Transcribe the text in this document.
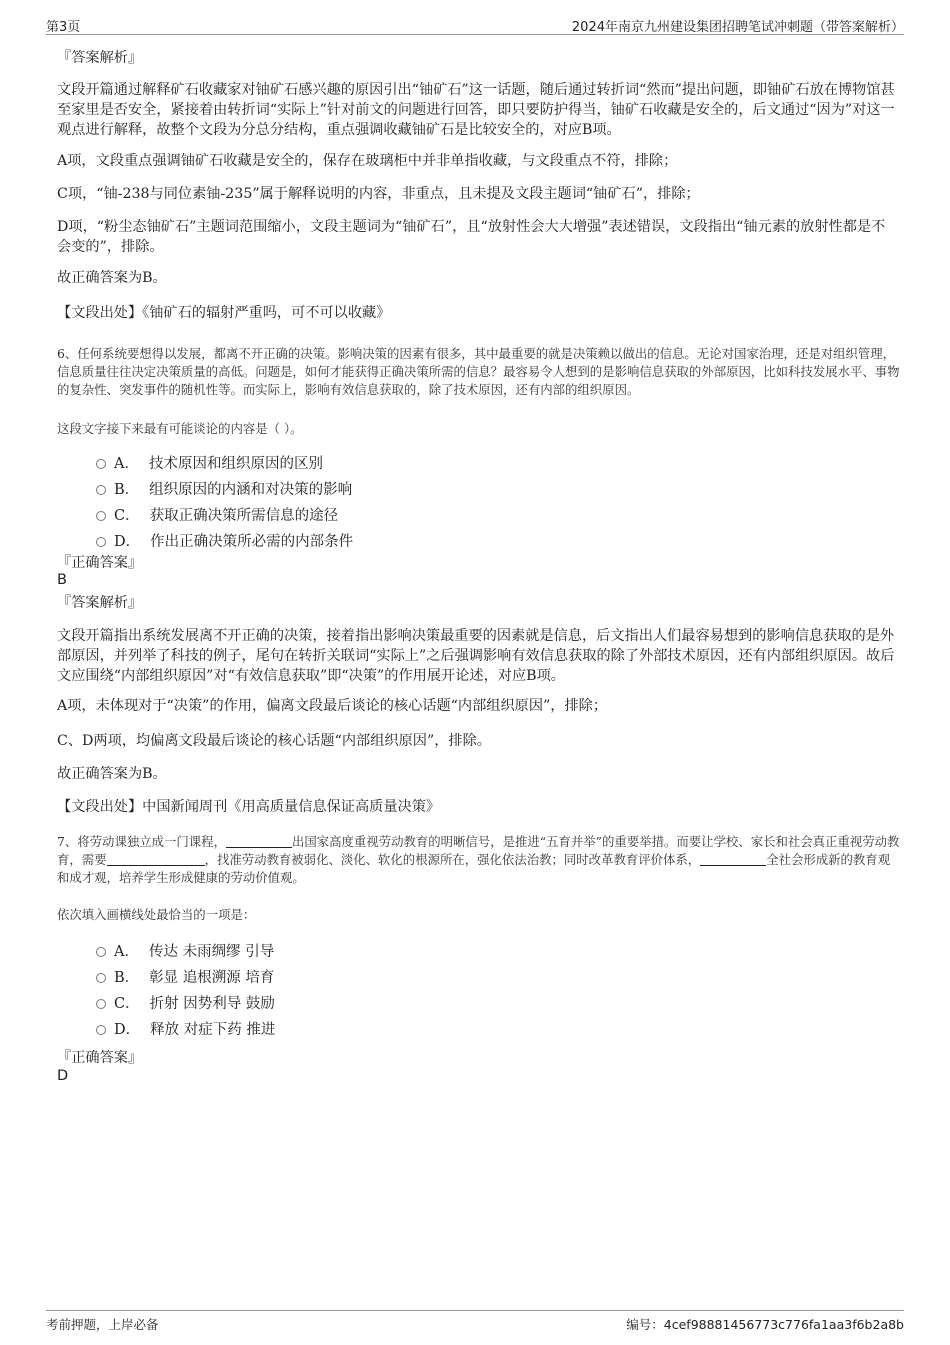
第3页	2024年南京九州建设集团招聘笔试冲刺题（带答案解析）
『答案解析』
文段开篇通过解释矿石收藏家对铀矿石感兴趣的原因引出“铀矿石”这一话题，随后通过转折词“然而”提出问题，即铀矿石放在博物馆甚至家里是否安全，紧接着由转折词“实际上”针对前文的问题进行回答，即只要防护得当，铀矿石收藏是安全的，后文通过“因为”对这一观点进行解释，故整个文段为分总分结构，重点强调收藏铀矿石是比较安全的，对应B项。
A项，文段重点强调铀矿石收藏是安全的，保存在玻璃柜中并非单指收藏，与文段重点不符，排除；
C项，“铀-238与同位素铀-235”属于解释说明的内容，非重点，且未提及文段主题词“铀矿石”，排除；
D项，“粉尘态铀矿石”主题词范围缩小，文段主题词为“铀矿石”，且“放射性会大大增强”表述错误，文段指出“铀元素的放射性都是不会变的”，排除。
故正确答案为B。
【文段出处】《铀矿石的辐射严重吗，可不可以收藏》
6、任何系统要想得以发展，都离不开正确的决策。影响决策的因素有很多，其中最重要的就是决策赖以做出的信息。无论对国家治理，还是对组织管理，信息质量往往决定决策质量的高低。问题是，如何才能获得正确决策所需的信息？最容易令人想到的是影响信息获取的外部原因，比如科技发展水平、事物的复杂性、突发事件的随机性等。而实际上，影响有效信息获取的，除了技术原因，还有内部的组织原因。
这段文字接下来最有可能谈论的内容是（ ）。
A． 技术原因和组织原因的区别
B． 组织原因的内涵和对决策的影响
C． 获取正确决策所需信息的途径
D． 作出正确决策所必需的内部条件
『正确答案』
B
『答案解析』
文段开篇指出系统发展离不开正确的决策，接着指出影响决策最重要的因素就是信息，后文指出人们最容易想到的影响信息获取的是外部原因，并列举了科技的例子，尾句在转折关联词“实际上”之后强调影响有效信息获取的除了外部技术原因，还有内部组织原因。故后文应围绕“内部组织原因”对“有效信息获取”即“决策”的作用展开论述，对应B项。
A项，未体现对于“决策”的作用，偏离文段最后谈论的核心话题“内部组织原因”，排除；
C、D两项，均偏离文段最后谈论的核心话题“内部组织原因”，排除。
故正确答案为B。
【文段出处】中国新闻周刊《用高质量信息保证高质量决策》
7、将劳动课独立成一门课程，	出国家高度重视劳动教育的明晰信号，是推进“五育并举”的重要举措。而要让学校、家长和社会真正重视劳动教育，需要	，找准劳动教育被弱化、淡化、软化的根源所在，强化依法治教；同时改革教育评价体系，	全社会形成新的教育观和成才观，培养学生形成健康的劳动价值观。
依次填入画横线处最恰当的一项是：
A． 传达 未雨绸缪 引导
B． 彰显 追根溯源 培育
C． 折射 因势利导 鼓励
D． 释放 对症下药 推进
『正确答案』
D
考前押题，上岸必备	编号：4cef98881456773c776fa1aa3f6b2a8b
